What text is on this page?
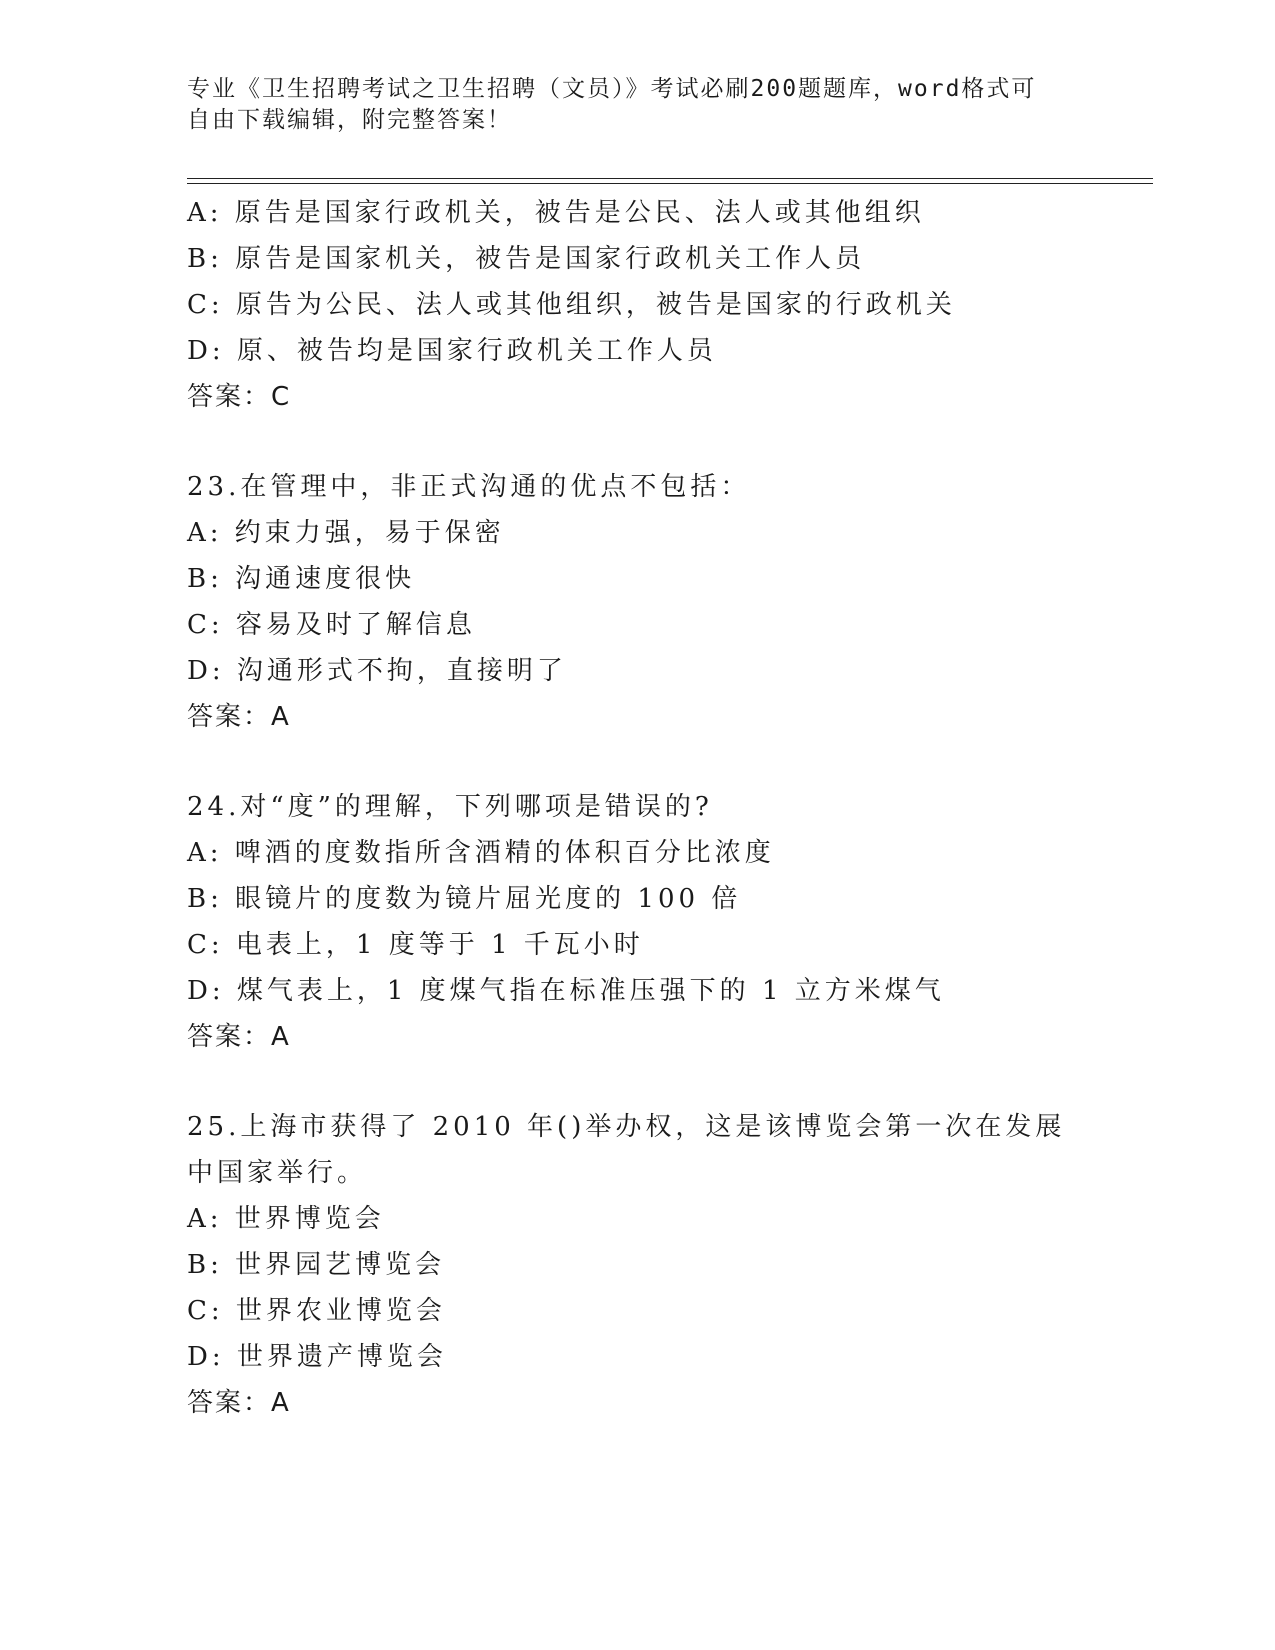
专业《卫生招聘考试之卫生招聘（文员）》考试必刷200题题库，word格式可自由下载编辑，附完整答案！
A: 原告是国家行政机关，被告是公民、法人或其他组织
B: 原告是国家机关，被告是国家行政机关工作人员
C: 原告为公民、法人或其他组织，被告是国家的行政机关
D: 原、被告均是国家行政机关工作人员
答案：C
23.在管理中，非正式沟通的优点不包括：
A: 约束力强，易于保密
B: 沟通速度很快
C: 容易及时了解信息
D: 沟通形式不拘，直接明了
答案：A
24.对“度”的理解，下列哪项是错误的?
A: 啤酒的度数指所含酒精的体积百分比浓度
B: 眼镜片的度数为镜片屈光度的 100 倍
C: 电表上，1 度等于 1 千瓦小时
D: 煤气表上，1 度煤气指在标准压强下的 1 立方米煤气
答案：A
25.上海市获得了 2010 年()举办权，这是该博览会第一次在发展中国家举行。
A: 世界博览会
B: 世界园艺博览会
C: 世界农业博览会
D: 世界遗产博览会
答案：A
